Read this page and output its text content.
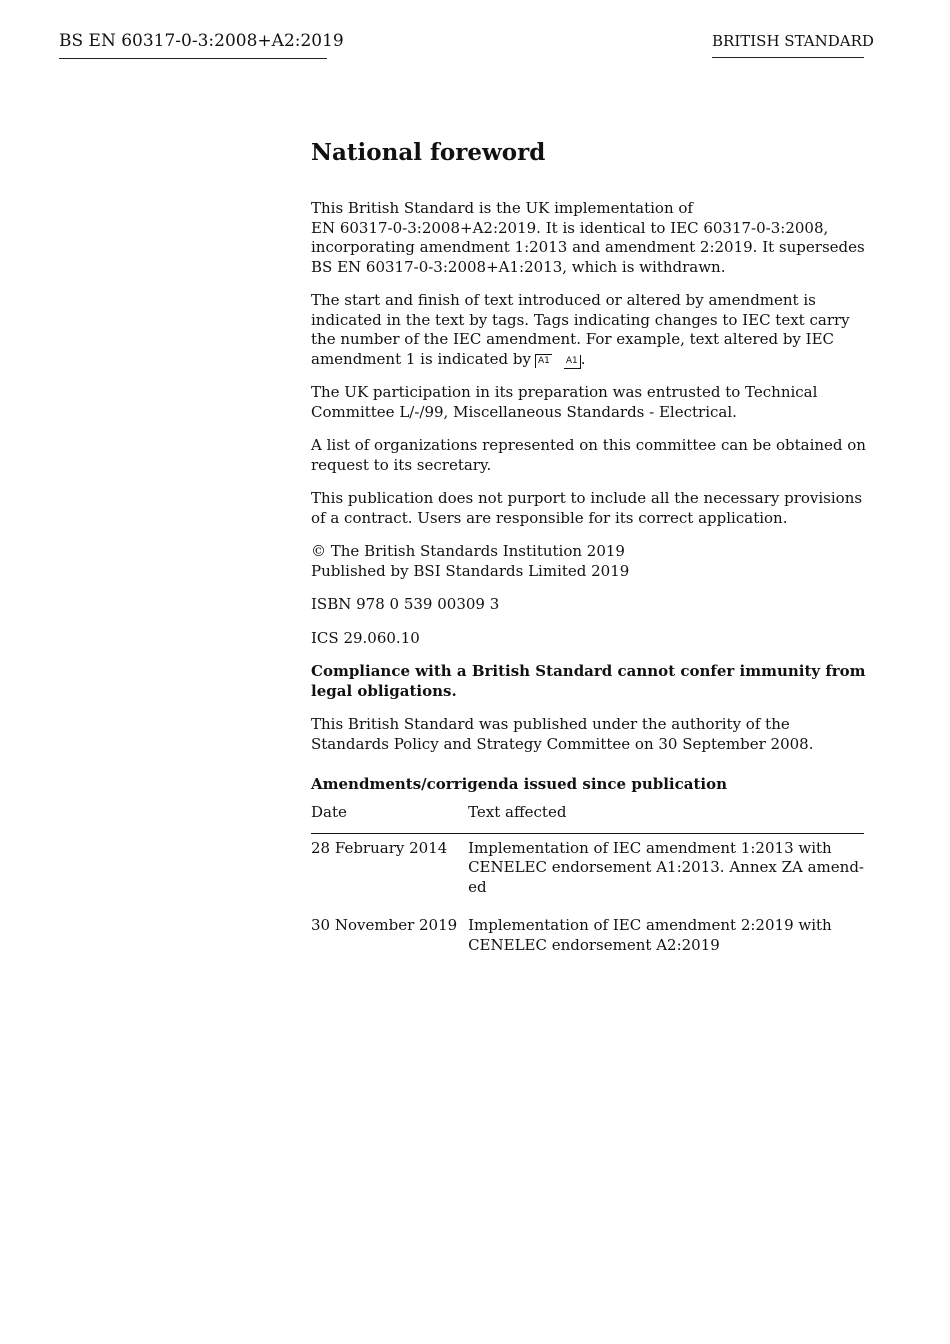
BS EN 60317-0-3:2008+A2:2019	BRITISH STANDARD
National foreword

This British Standard is the UK implementation of
EN 60317-0-3:2008+A2:2019. It is identical to IEC 60317-0-3:2008,
incorporating amendment 1:2013 and amendment 2:2019. It supersedes
BS EN 60317-0-3:2008+A1:2013, which is withdrawn.

The start and finish of text introduced or altered by amendment is
indicated in the text by tags. Tags indicating changes to IEC text carry
the number of the IEC amendment. For example, text altered by IEC
amendment 1 is indicated by A1 A1 .

The UK participation in its preparation was entrusted to Technical
Committee L/-/99, Miscellaneous Standards - Electrical.

A list of organizations represented on this committee can be obtained on
request to its secretary.

This publication does not purport to include all the necessary provisions
of a contract. Users are responsible for its correct application.

© The British Standards Institution 2019
Published by BSI Standards Limited 2019

ISBN 978 0 539 00309 3

ICS 29.060.10

Compliance with a British Standard cannot confer immunity from
legal obligations.

This British Standard was published under the authority of the
Standards Policy and Strategy Committee on 30 September 2008.

Amendments/corrigenda issued since publication
Date	Text affected
28 February 2014	Implementation of IEC amendment 1:2013 with
CENELEC endorsement A1:2013. Annex ZA amend-
ed

30 November 2019	Implementation of IEC amendment 2:2019 with
CENELEC endorsement A2:2019
